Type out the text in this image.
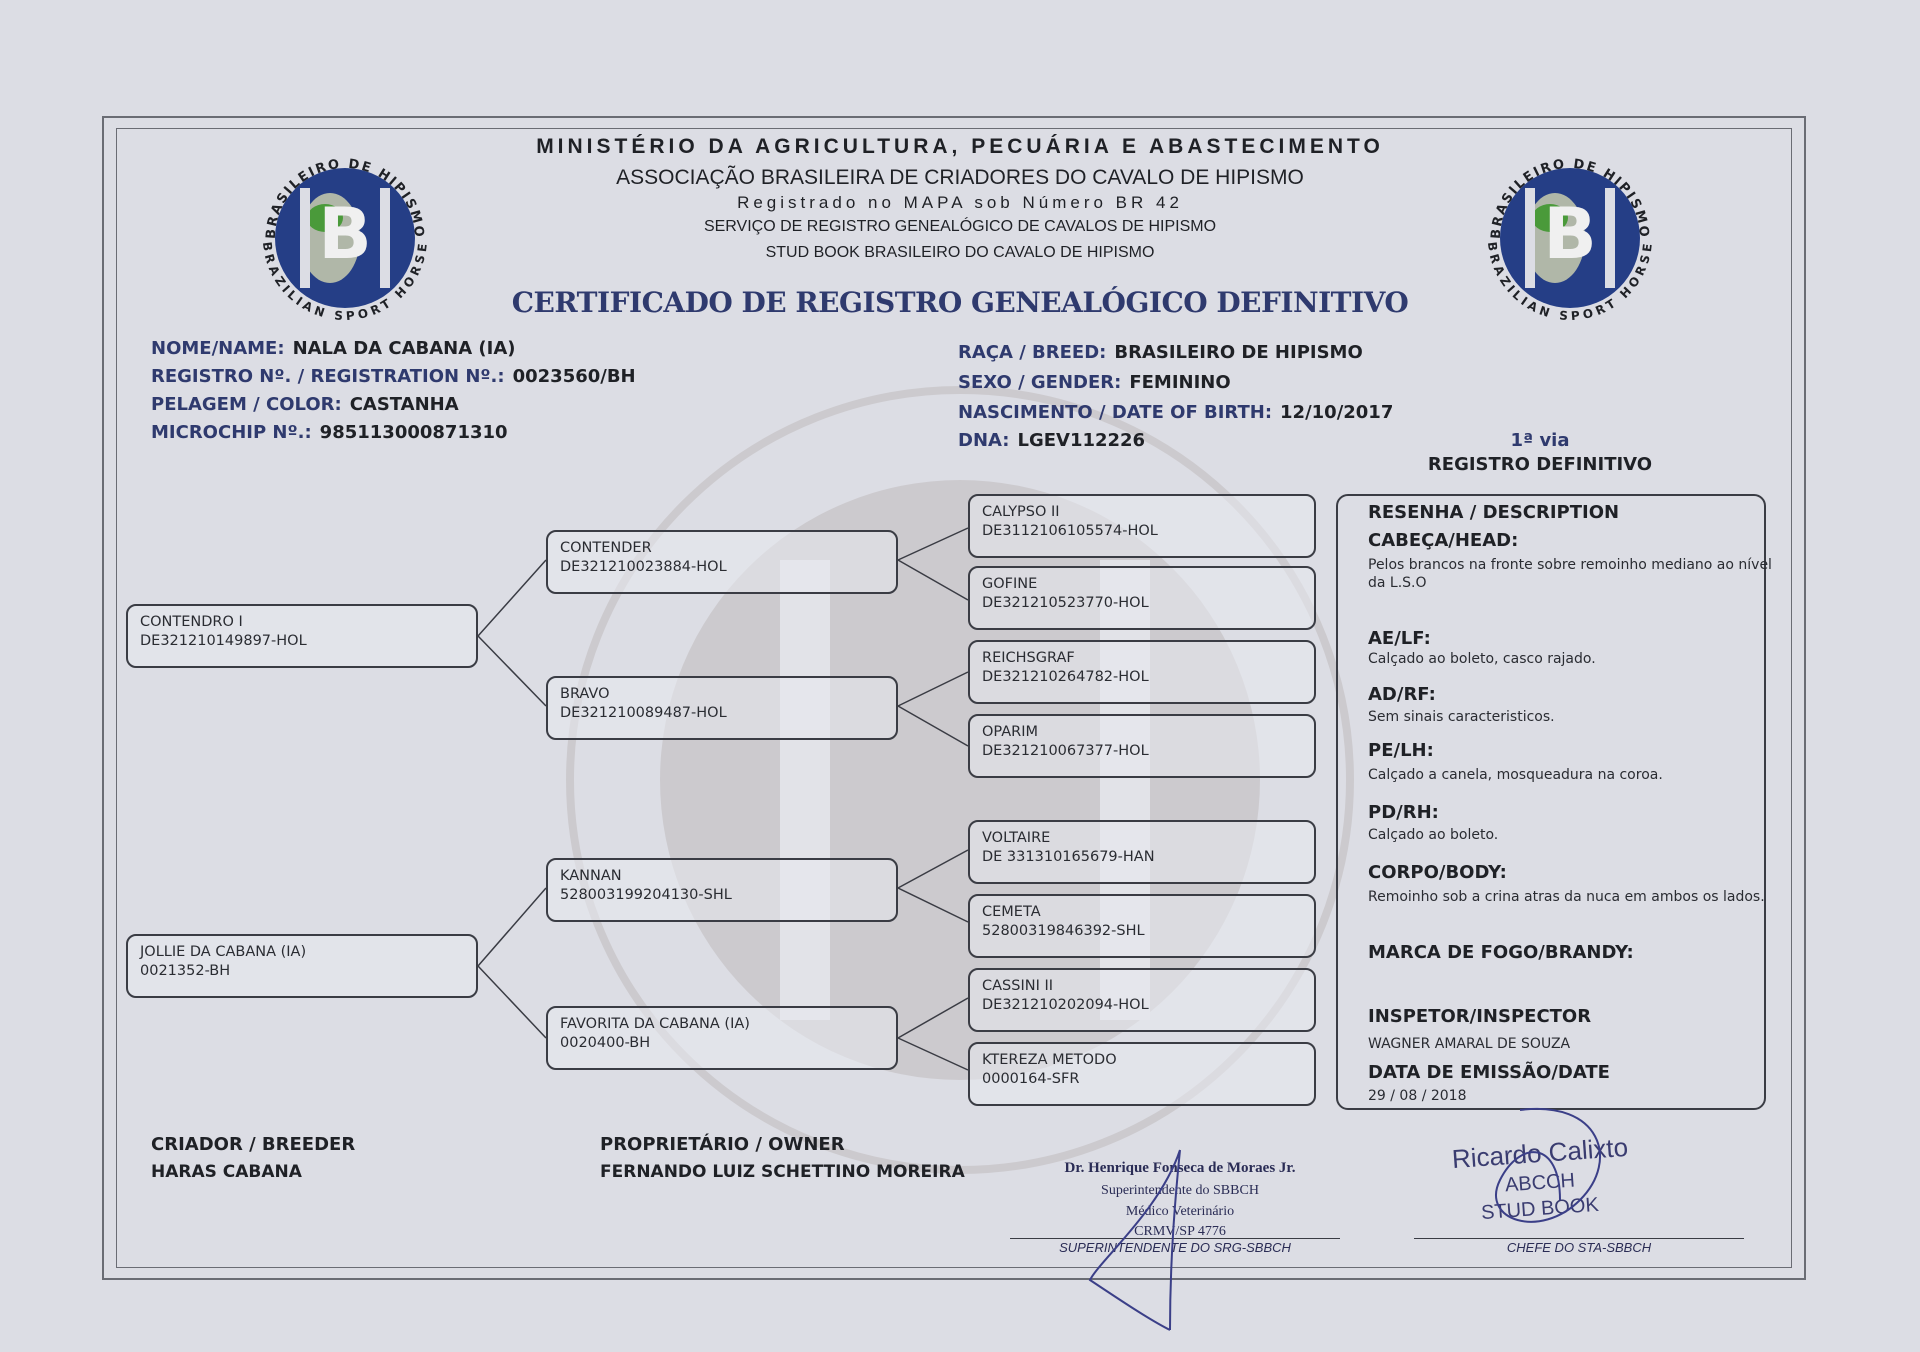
B
BRASILEIRO DE HIPISMO
BRAZILIAN SPORT HORSE	B
BRASILEIRO DE HIPISMO
BRAZILIAN SPORT HORSE
MINISTÉRIO DA AGRICULTURA, PECUÁRIA E ABASTECIMENTO
ASSOCIAÇÃO BRASILEIRA DE CRIADORES DO CAVALO DE HIPISMO
Registrado no MAPA sob Número BR 42
SERVIÇO DE REGISTRO GENEALÓGICO DE CAVALOS DE HIPISMO
STUD BOOK BRASILEIRO DO CAVALO DE HIPISMO
CERTIFICADO DE REGISTRO GENEALÓGICO DEFINITIVO
NOME/NAME: NALA DA CABANA (IA)
REGISTRO Nº. / REGISTRATION Nº.: 0023560/BH
PELAGEM / COLOR: CASTANHA
MICROCHIP Nº.: 985113000871310
RAÇA / BREED: BRASILEIRO DE HIPISMO
SEXO / GENDER: FEMININO
NASCIMENTO / DATE OF BIRTH: 12/10/2017
DNA: LGEV112226	1ª via
REGISTRO DEFINITIVO
CONTENDRO I
DE321210149897-HOL
JOLLIE DA CABANA (IA)
0021352-BH
CONTENDER
DE321210023884-HOL
BRAVO
DE321210089487-HOL
KANNAN
528003199204130-SHL
FAVORITA DA CABANA (IA)
0020400-BH
CALYPSO II
DE3112106105574-HOL
GOFINE
DE321210523770-HOL
REICHSGRAF
DE321210264782-HOL
OPARIM
DE321210067377-HOL
VOLTAIRE
DE 331310165679-HAN
CEMETA
52800319846392-SHL
CASSINI II
DE321210202094-HOL
KTEREZA METODO
0000164-SFR
RESENHA / DESCRIPTION
CABEÇA/HEAD:
Pelos brancos na fronte sobre remoinho mediano ao nível da L.S.O
AE/LF:
Calçado ao boleto, casco rajado.
AD/RF:
Sem sinais caracteristicos.
PE/LH:
Calçado a canela, mosqueadura na coroa.
PD/RH:
Calçado ao boleto.
CORPO/BODY:
Remoinho sob a crina atras da nuca em ambos os lados.
MARCA DE FOGO/BRANDY:
INSPETOR/INSPECTOR
WAGNER AMARAL DE SOUZA
DATA DE EMISSÃO/DATE
29 / 08 / 2018
CRIADOR / BREEDER
HARAS CABANA
PROPRIETÁRIO / OWNER
FERNANDO LUIZ SCHETTINO MOREIRA	Dr. Henrique Fonseca de Moraes Jr.
Superintendente do SBBCH
Médico Veterinário
CRMV/SP 4776
SUPERINTENDENTE DO SRG-SBBCH
Ricardo Calixto
ABCCH
STUD BOOK
CHEFE DO STA-SBBCH
